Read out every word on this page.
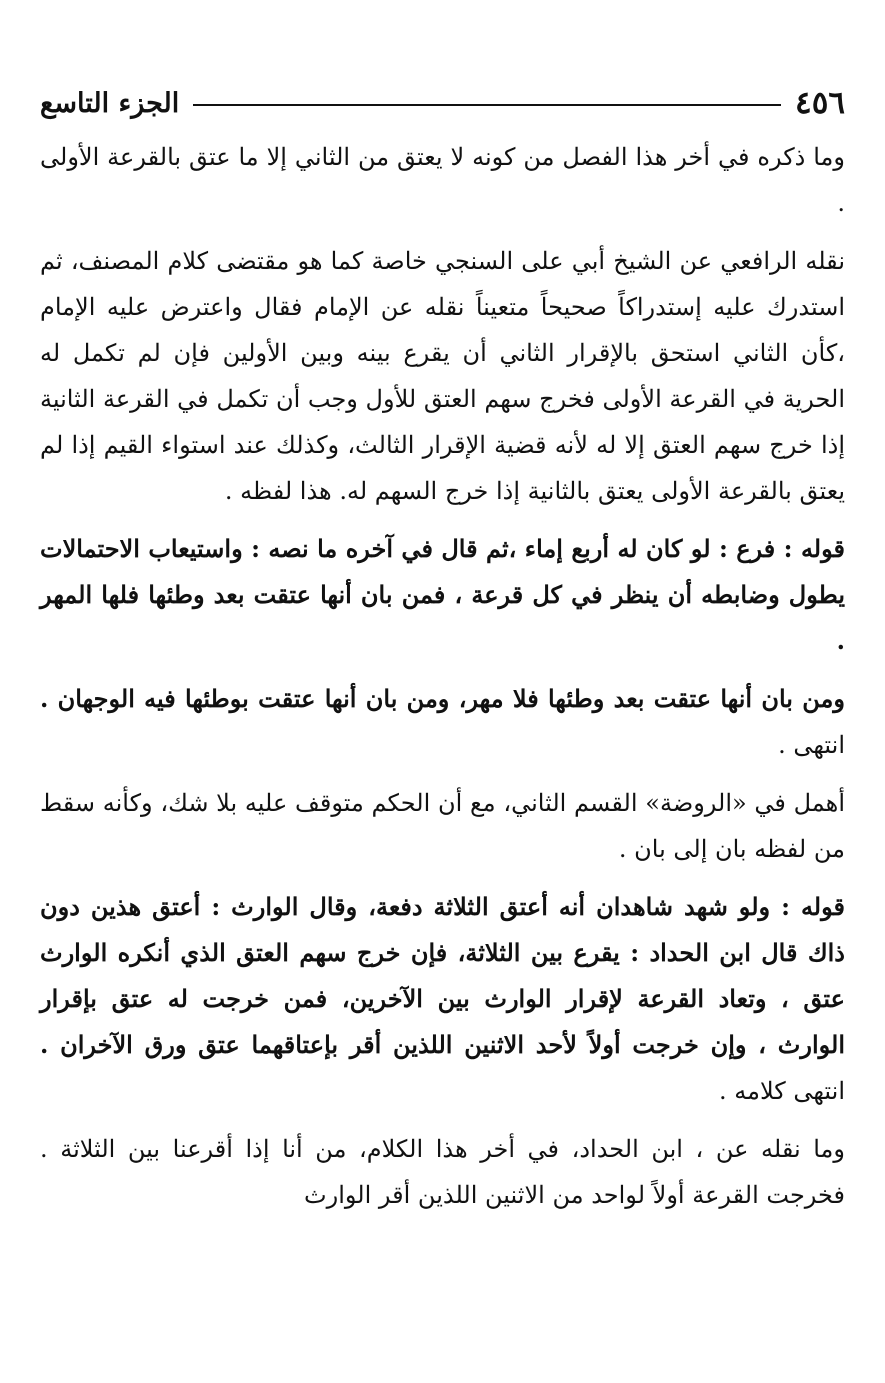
٤٥٦
الجزء التاسع

وما ذكره في أخر هذا الفصل من كونه لا يعتق من الثاني إلا ما عتق بالقرعة الأولى .

نقله الرافعي عن الشيخ أبي على السنجي خاصة كما هو مقتضى كلام المصنف، ثم استدرك عليه إستدراكاً صحيحاً متعيناً نقله عن الإمام فقال واعترض عليه الإمام ،كأن الثاني استحق بالإقرار الثاني أن يقرع بينه وبين الأولين فإن لم تكمل له الحرية في القرعة الأولى فخرج سهم العتق للأول وجب أن تكمل في القرعة الثانية إذا خرج سهم العتق إلا له لأنه قضية الإقرار الثالث، وكذلك عند استواء القيم إذا لم يعتق بالقرعة الأولى يعتق بالثانية إذا خرج السهم له. هذا لفظه .

قوله : فرع : لو كان له أربع إماء ،ثم قال في آخره ما نصه : واستيعاب الاحتمالات يطول وضابطه أن ينظر في كل قرعة ، فمن بان أنها عتقت بعد وطئها فلها المهر .

ومن بان أنها عتقت بعد وطئها فلا مهر، ومن بان أنها عتقت بوطئها فيه الوجهان . انتهى .

أهمل في «الروضة» القسم الثاني، مع أن الحكم متوقف عليه بلا شك، وكأنه سقط من لفظه بان إلى بان .

قوله : ولو شهد شاهدان أنه أعتق الثلاثة دفعة، وقال الوارث : أعتق هذين دون ذاك قال ابن الحداد : يقرع بين الثلاثة، فإن خرج سهم العتق الذي أنكره الوارث عتق ، وتعاد القرعة لإقرار الوارث بين الآخرين، فمن خرجت له عتق بإقرار الوارث ، وإن خرجت أولاً لأحد الاثنين اللذين أقر بإعتاقهما عتق ورق الآخران . انتهى كلامه .

وما نقله عن ، ابن الحداد، في أخر هذا الكلام، من أنا إذا أقرعنا بين الثلاثة . فخرجت القرعة أولاً لواحد من الاثنين اللذين أقر الوارث
